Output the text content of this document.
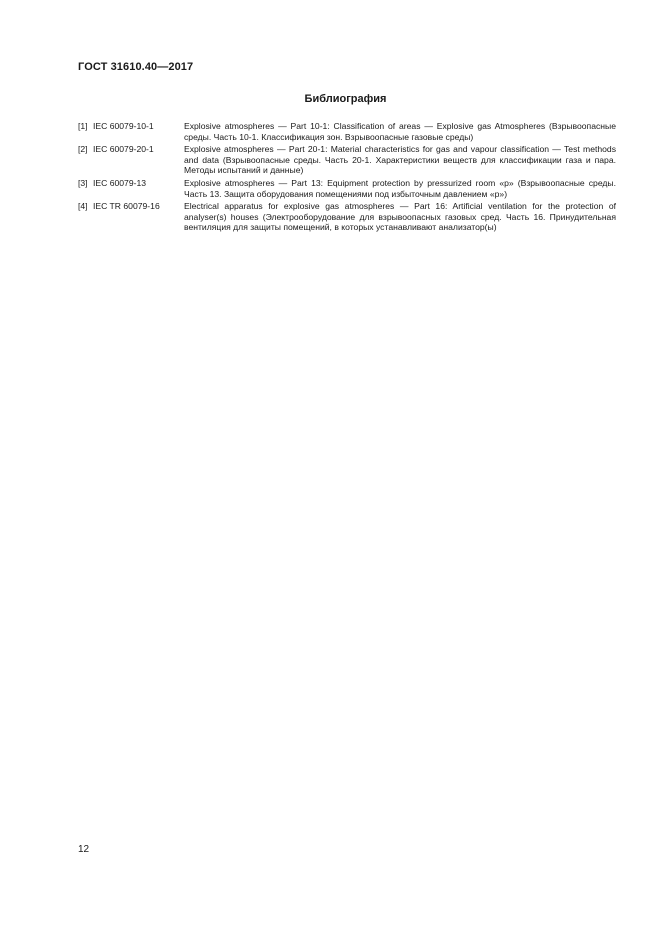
ГОСТ 31610.40—2017
Библиография
[1] IEC 60079-10-1	Explosive atmospheres — Part 10-1: Classification of areas — Explosive gas Atmospheres (Взрывоопасные среды. Часть 10-1. Классификация зон. Взрывоопасные газовые среды)
[2] IEC 60079-20-1	Explosive atmospheres — Part 20-1: Material characteristics for gas and vapour classification — Test methods and data (Взрывоопасные среды. Часть 20-1. Характеристики веществ для классификации газа и пара. Методы испытаний и данные)
[3] IEC 60079-13	Explosive atmospheres — Part 13: Equipment protection by pressurized room «p» (Взрывоопасные среды. Часть 13. Защита оборудования помещениями под избыточным давлением «p»)
[4] IEC TR 60079-16	Electrical apparatus for explosive gas atmospheres — Part 16: Artificial ventilation for the protection of analyser(s) houses (Электрооборудование для взрывоопасных газовых сред. Часть 16. Принудительная вентиляция для защиты помещений, в которых устанавливают анализатор(ы)
12
